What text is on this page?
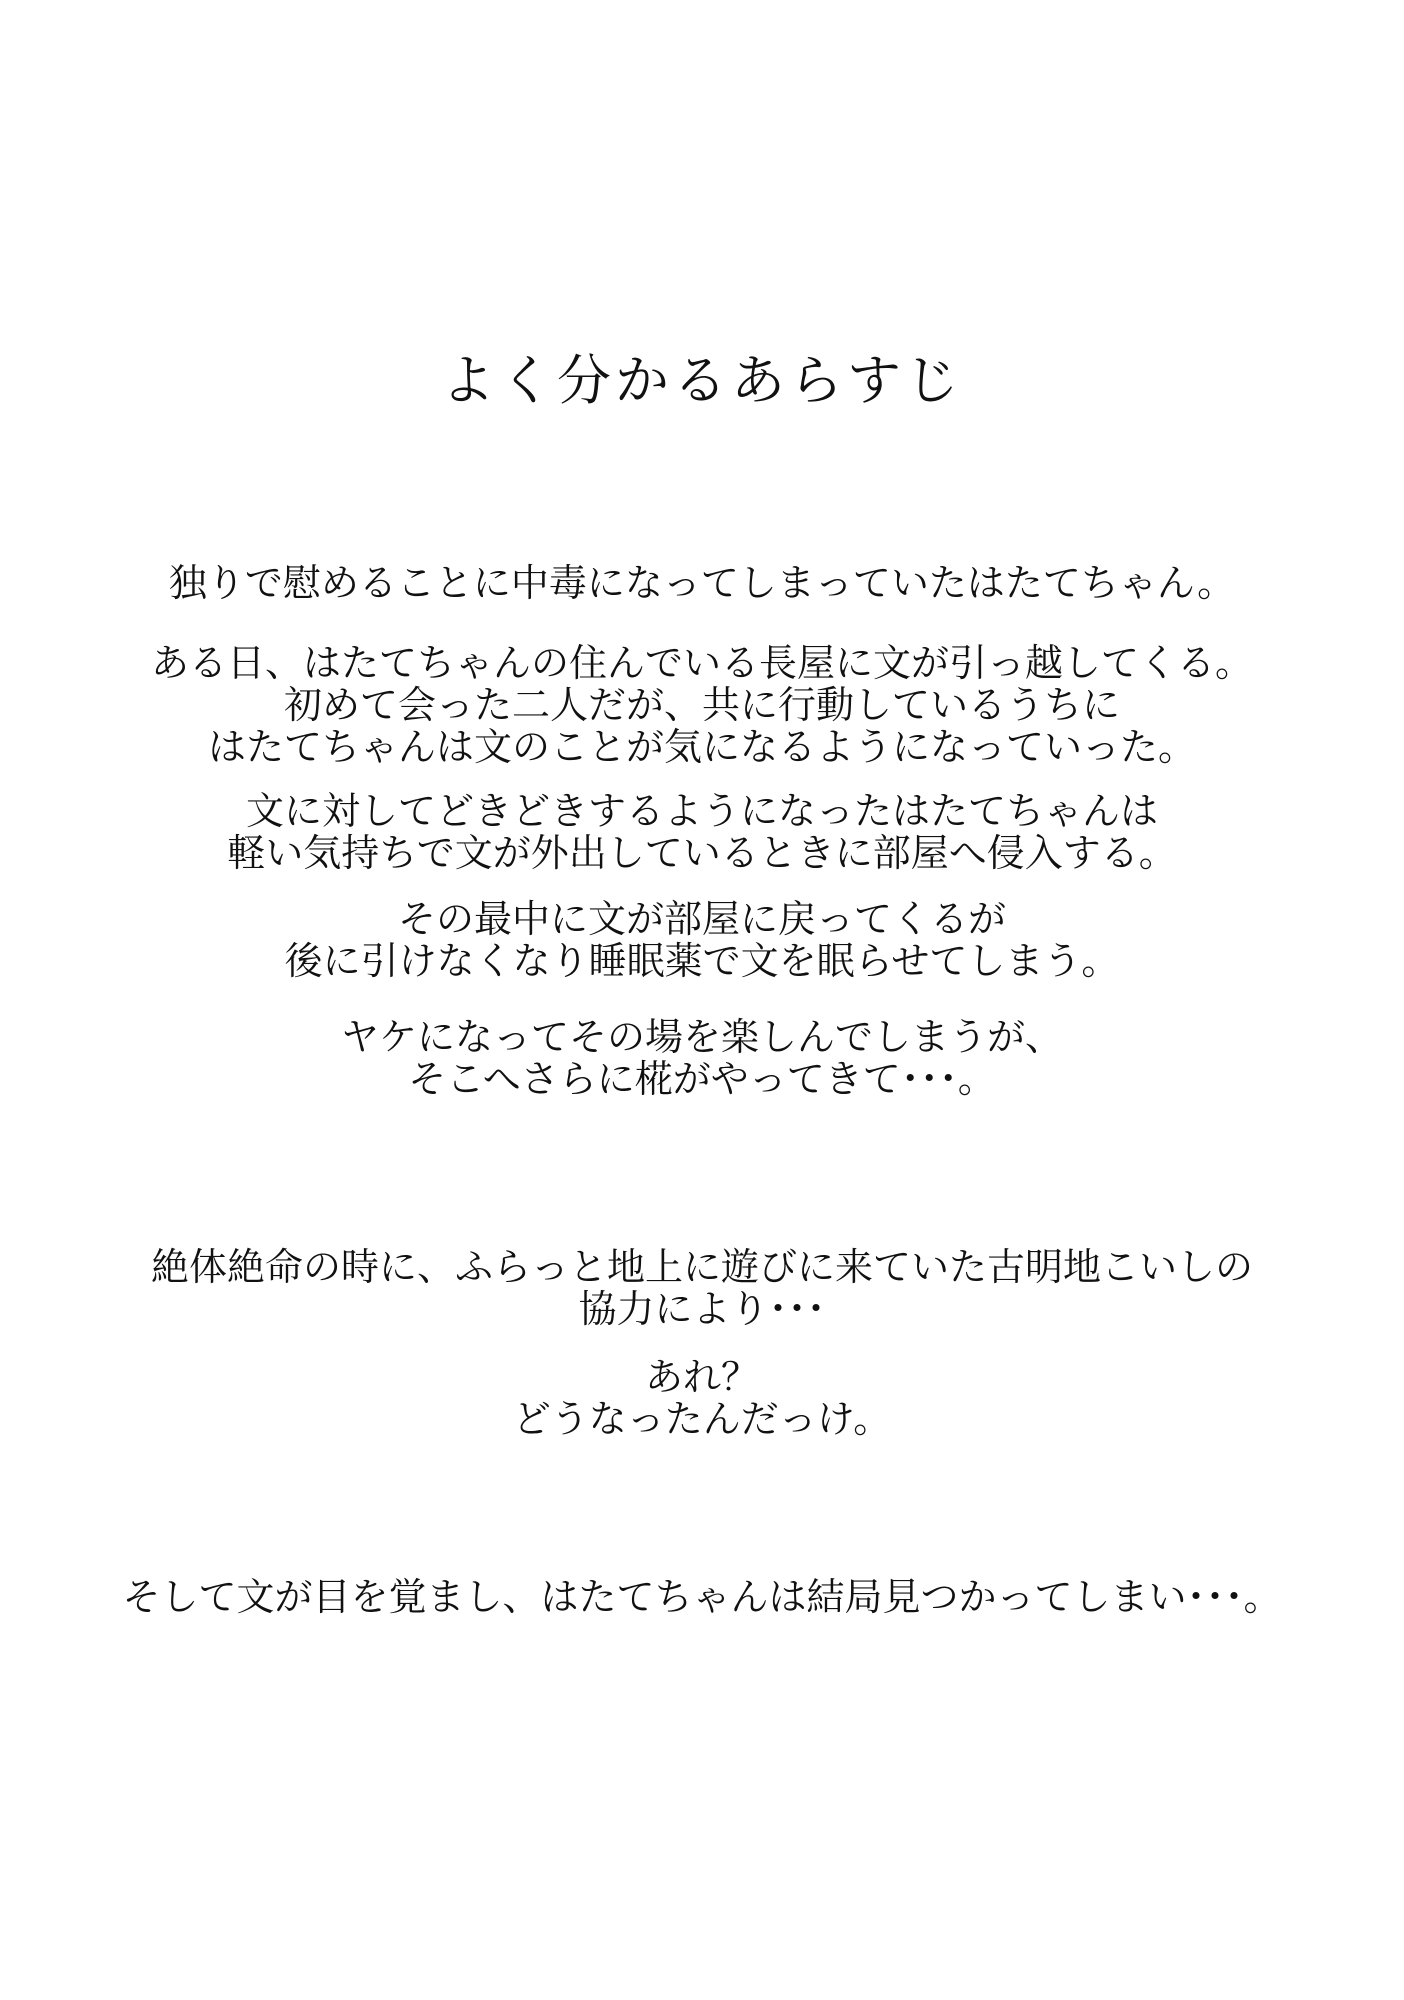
よく分かるあらすじ

独りで慰めることに中毒になってしまっていたはたてちゃん。

ある日、はたてちゃんの住んでいる長屋に文が引っ越してくる。
初めて会った二人だが、共に行動しているうちに
はたてちゃんは文のことが気になるようになっていった。

文に対してどきどきするようになったはたてちゃんは
軽い気持ちで文が外出しているときに部屋へ侵入する。

その最中に文が部屋に戻ってくるが
後に引けなくなり睡眠薬で文を眠らせてしまう。

ヤケになってその場を楽しんでしまうが、
そこへさらに椛がやってきて･･･。

絶体絶命の時に、ふらっと地上に遊びに来ていた古明地こいしの
協力により･･･

あれ？
どうなったんだっけ。

そして文が目を覚まし、はたてちゃんは結局見つかってしまい･･･。
